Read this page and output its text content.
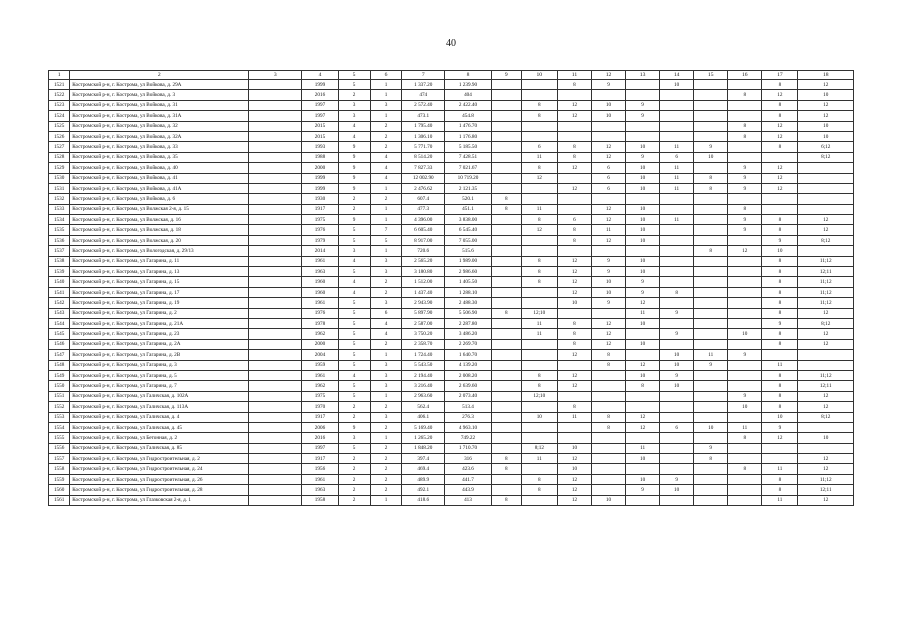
40
1	2	3	4	5	6	7	8	9	10	11	12	13	14	15	16	17	18
1521	Костромской р-н, г. Кострома, ул Войкова, д. 29А		1999	5	1	1 337.20	1 239.90			8	9		10			8	12
1522	Костромской р-н, г. Кострома, ул Войкова, д. 3		2016	2	1	474	404								8	12	10
1523	Костромской р-н, г. Кострома, ул Войкова, д. 31		1997	3	3	2 572.40	2 422.40		8	12	10	9				8	12
1524	Костромской р-н, г. Кострома, ул Войкова, д. 31А		1997	3	1	473.1	454.8		8	12	10	9				8	12
1525	Костромской р-н, г. Кострома, ул Войкова, д. 32		2015	4	2	1 795.40	1 476.70								8	12	10
1526	Костромской р-н, г. Кострома, ул Войкова, д. 32А		2015	4	2	1 306.10	1 176.80								8	12	10
1527	Костромской р-н, г. Кострома, ул Войкова, д. 33		1993	9	2	5 771.70	5 185.50		6	8	12	10	11	9		8	6;12
1528	Костромской р-н, г. Кострома, ул Войкова, д. 35		1988	9	4	8 514.20	7 428.51		11	8	12	9	6	10			8;12
1529	Костромской р-н, г. Кострома, ул Войкова, д. 40		2000	9	4	7 827.33	7 021.67		8	12	6	10	11		9	12	
1530	Костромской р-н, г. Кострома, ул Войкова, д. 41		1999	9	4	12 002.90	10 719.20		12		6	10	11	8	9	12	
1531	Костромской р-н, г. Кострома, ул Войкова, д. 41А		1999	9	1	2 476.62	2 121.35			12	6	10	11	8	9	12	
1532	Костромской р-н, г. Кострома, ул Войкова, д. 6		1930	2	2	607.4	520.1	8									
1533	Костромской р-н, г. Кострома, ул Волжская 2-я, д. 15		1917	2	1	477.3	451.1	8	11		12	10			8		
1534	Костромской р-н, г. Кострома, ул Волжская, д. 16		1975	9	1	4 396.00	3 838.00		8	6	12	10	11		9	8	12
1535	Костромской р-н, г. Кострома, ул Волжская, д. 18		1976	5	7	6 605.40	6 545.40		12	8	11	10			9	8	12
1536	Костромской р-н, г. Кострома, ул Волжская, д. 20		1979	5	5	8 917.00	7 055.00			8	12	10				9	8;12
1537	Костромской р-н, г. Кострома, ул Вологодская, д. 29/13		2014	3	1	720.6	515.6							8	12	10	
1538	Костромской р-н, г. Кострома, ул Гагарина, д. 11		1961	4	3	2 565.20	1 989.00		8	12	9	10				8	11;12
1539	Костромской р-н, г. Кострома, ул Гагарина, д. 13		1963	5	3	3 180.80	2 986.60		8	12	9	10				8	12;11
1540	Костромской р-н, г. Кострома, ул Гагарина, д. 15		1960	4	2	1 512.00	1 405.50		8	12	10	9				8	11;12
1541	Костромской р-н, г. Кострома, ул Гагарина, д. 17		1960	4	2	1 437.40	1 288.10			12	10	9	8			8	11;12
1542	Костромской р-н, г. Кострома, ул Гагарина, д. 19		1961	5	3	2 943.90	2 488.30			10	9	12				8	11;12
1543	Костромской р-н, г. Кострома, ул Гагарина, д. 2		1976	5	6	5 897.90	5 506.90	8	12;10			11	9			8	12
1544	Костромской р-н, г. Кострома, ул Гагарина, д. 21А		1978	5	4	2 587.00	2 287.80		11	8	12	10				9	8;12
1545	Костромской р-н, г. Кострома, ул Гагарина, д. 23		1962	5	4	3 750.20	3 486.20		11	8	12		9		10	8	12
1546	Костромской р-н, г. Кострома, ул Гагарина, д. 2А		2000	5	2	2 358.70	2 269.70			8	12	10				8	12
1547	Костромской р-н, г. Кострома, ул Гагарина, д. 2В		2004	5	1	1 724.40	1 640.70			12	8		10	11	9		
1548	Костромской р-н, г. Кострома, ул Гагарина, д. 3		1959	5	3	5 543.50	4 139.20				8	12	10	9		11	
1549	Костромской р-н, г. Кострома, ул Гагарина, д. 5		1961	4	3	2 194.40	2 008.20		8	12		10	9			8	11;12
1550	Костромской р-н, г. Кострома, ул Гагарина, д. 7		1962	5	3	3 216.40	2 639.60		8	12		8	10			8	12;11
1551	Костромской р-н, г. Кострома, ул Галичская, д. 102А		1975	5	1	2 963.60	2 073.40		12;10						9	8	12
1552	Костромской р-н, г. Кострома, ул Галичская, д. 113А		1970	2	2	562.4	513.4			8					10	8	12
1553	Костромской р-н, г. Кострома, ул Галичская, д. 4		1917	2	3	406.1	276.3		10	11	8	12				10	8;12
1554	Костромской р-н, г. Кострома, ул Галичская, д. 45		2006	9	2	5 169.40	4 963.10				8	12	6	10	11	9	
1555	Костромской р-н, г. Кострома, ул Бетонная, д. 2		2016	3	1	1 265.20	749.22								8	12	10
1556	Костромской р-н, г. Кострома, ул Галичская, д. 85		1997	5	2	1 848.20	1 710.70		8;12	10		11		9			
1557	Костромской р-н, г. Кострома, ул Гидростроительная, д. 2		1917	2	2	397.4	316	8	11	12		10		8			12
1558	Костромской р-н, г. Кострома, ул Гидростроительная, д. 24		1956	2	2	469.4	423.6	8		10					8	11	12
1559	Костромской р-н, г. Кострома, ул Гидростроительная, д. 26		1961	2	2	489.9	441.7		8	12		10	9			8	11;12
1560	Костромской р-н, г. Кострома, ул Гидростроительная, д. 28		1963	2	2	492.1	443.9		8	12		9	10			8	12;11
1561	Костромской р-н, г. Кострома, ул Глазковская 2-я, д. 1		1958	2	1	418.6	413	8		12	10					11	12
